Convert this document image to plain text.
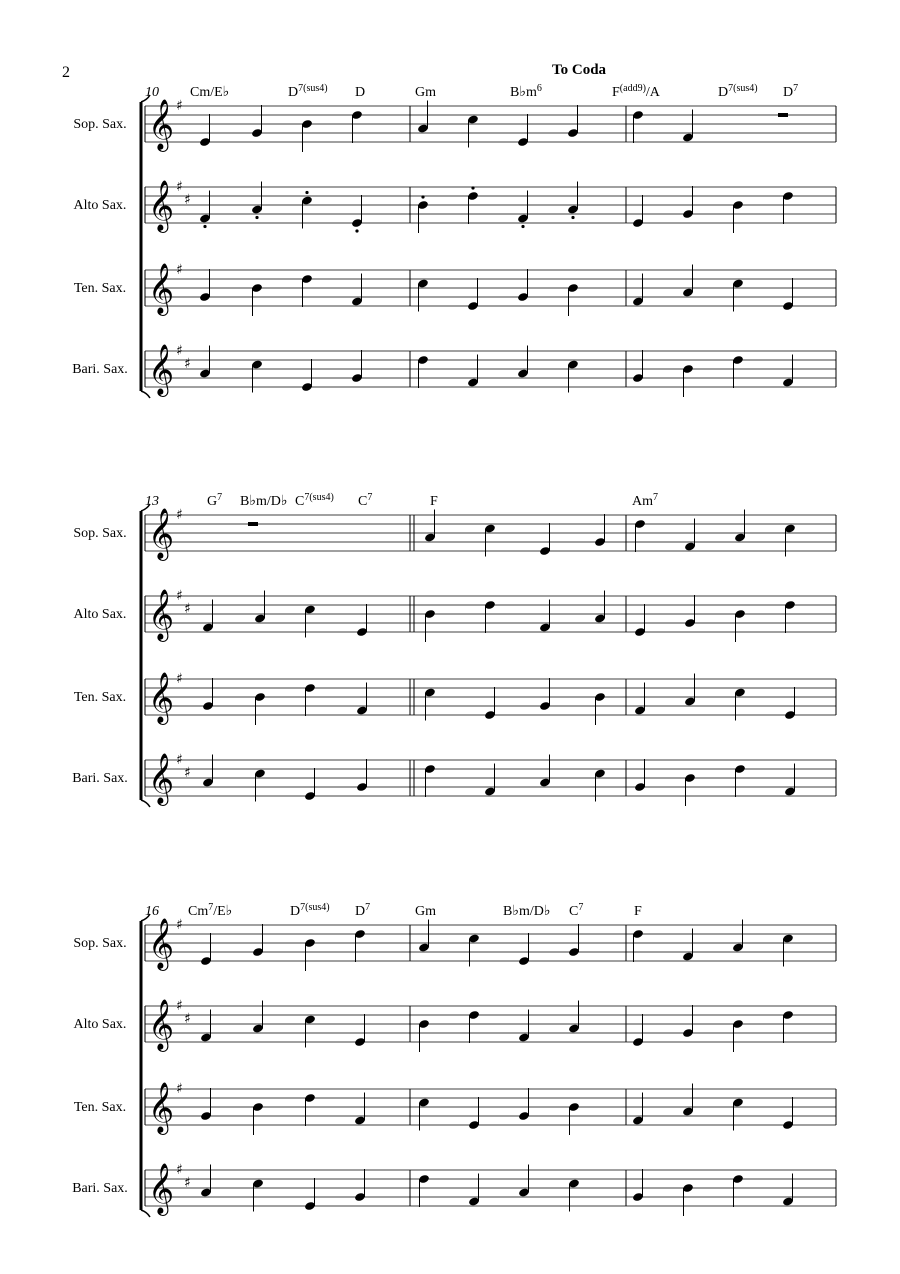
2	To Coda
10 Cm/E♭	$D^{7(sus4)}$ D	Gm	$B♭m^6$	$F^{(add9)}/A$	$D^{7(sus4)}$ $D^7$
Sop. Sax. 𝄞 ♯
Alto Sax. 𝄞 ♯
♯
Ten. Sax. 𝄞 ♯
Bari. Sax. 𝄞 ♯
♯
13	$G^7$ B♭m/D♭ $C^{7(sus4)}$ $C^7$	F	Am$^7$
Sop. Sax. 𝄞 ♯
Alto Sax. 𝄞 ♯
♯
Ten. Sax. 𝄞 ♯
Bari. Sax. 𝄞 ♯
♯
16 Cm$^7$/E♭	$D^{7(sus4)}$ $D^7$	Gm	B♭m/D♭ $C^7$	F
Sop. Sax. 𝄞 ♯
Alto Sax. 𝄞 ♯
♯
Ten. Sax. 𝄞 ♯
Bari. Sax. 𝄞 ♯
♯
